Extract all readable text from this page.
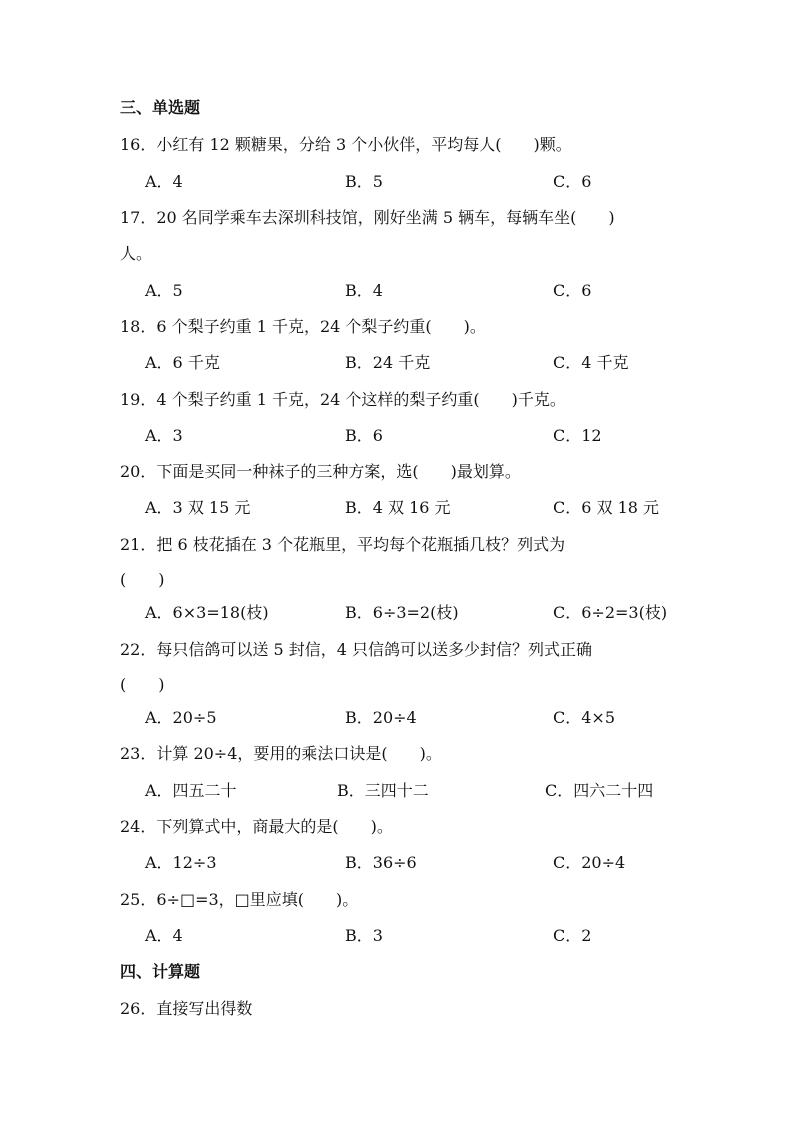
三、单选题
16．小红有 12 颗糖果，分给 3 个小伙伴，平均每人(　　)颗。
A．4	B．5	C．6
17．20 名同学乘车去深圳科技馆，刚好坐满 5 辆车，每辆车坐(　　)
人。
A．5	B．4	C．6
18．6 个梨子约重 1 千克，24 个梨子约重(　　)。
A．6 千克	B．24 千克	C．4 千克
19．4 个梨子约重 1 千克，24 个这样的梨子约重(　　)千克。
A．3	B．6	C．12
20．下面是买同一种袜子的三种方案，选(　　)最划算。
A．3 双 15 元	B．4 双 16 元	C．6 双 18 元
21．把 6 枝花插在 3 个花瓶里，平均每个花瓶插几枝？列式为
(　　)
A．6×3=18(枝)	B．6÷3=2(枝)	C．6÷2=3(枝)
22．每只信鸽可以送 5 封信，4 只信鸽可以送多少封信？列式正确
(　　)
A．20÷5	B．20÷4	C．4×5
23．计算 20÷4，要用的乘法口诀是(　　)。
A．四五二十	B．三四十二	C．四六二十四
24．下列算式中，商最大的是(　　)。
A．12÷3	B．36÷6	C．20÷4
25．6÷□=3，□里应填(　　)。
A．4	B．3	C．2
四、计算题
26．直接写出得数
